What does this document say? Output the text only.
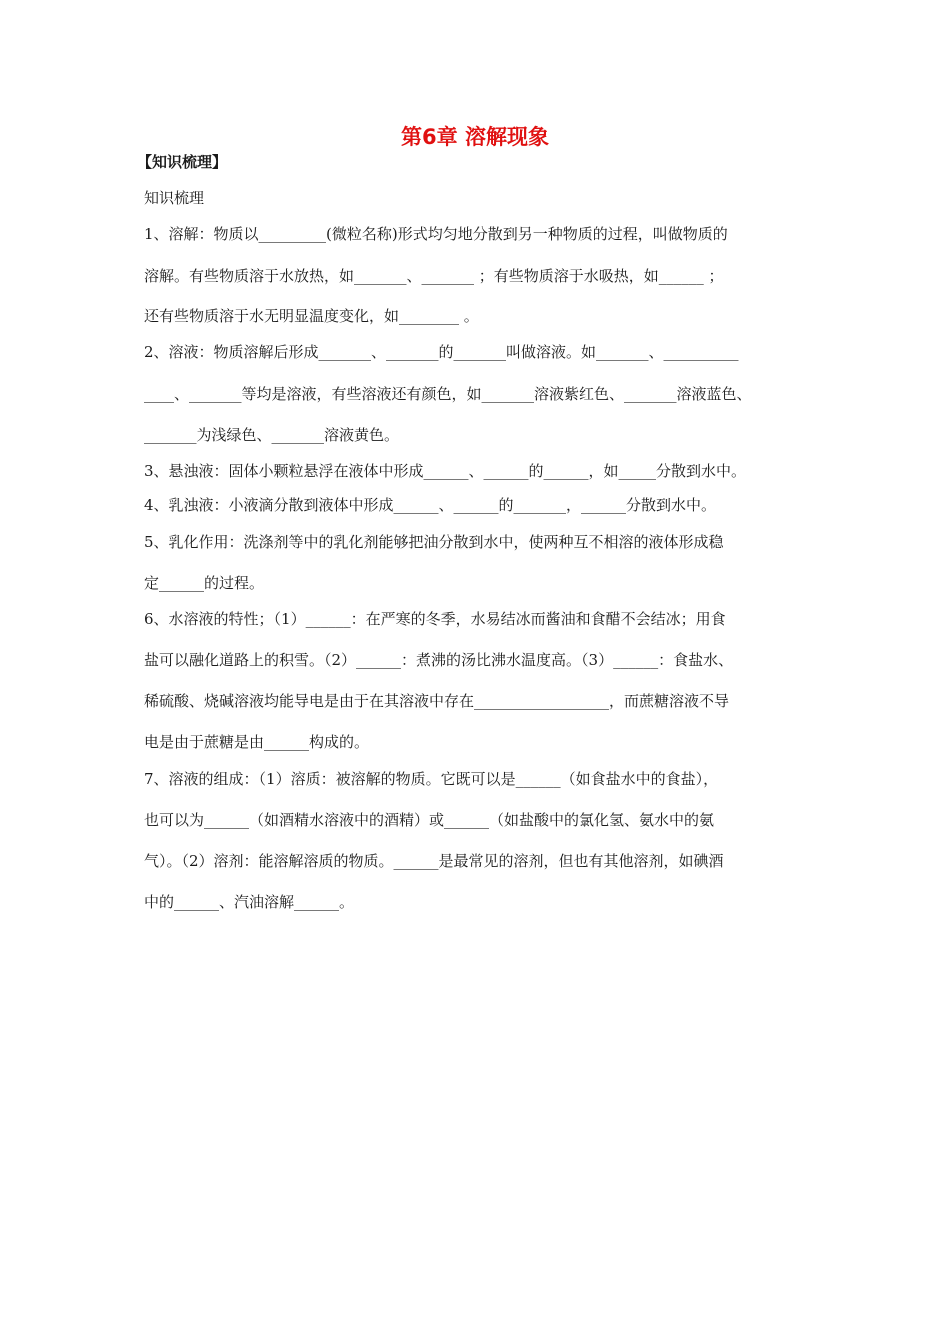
第6章 溶解现象
【知识梳理】
知识梳理
1、溶解：物质以_________(微粒名称)形式均匀地分散到另一种物质的过程，叫做物质的
溶解。有些物质溶于水放热，如_______、_______ ；有些物质溶于水吸热，如______ ；
还有些物质溶于水无明显温度变化，如________ 。
2、溶液：物质溶解后形成_______、_______的_______叫做溶液。如_______、__________
____、_______等均是溶液，有些溶液还有颜色，如_______溶液紫红色、_______溶液蓝色、
_______为浅绿色、_______溶液黄色。
3、悬浊液：固体小颗粒悬浮在液体中形成______、______的______，如_____分散到水中。
4、乳浊液：小液滴分散到液体中形成______、______的_______，______分散到水中。
5、乳化作用：洗涤剂等中的乳化剂能够把油分散到水中，使两种互不相溶的液体形成稳
定______的过程。
6、水溶液的特性；（1）______：在严寒的冬季，水易结冰而酱油和食醋不会结冰；用食
盐可以融化道路上的积雪。（2）______：煮沸的汤比沸水温度高。（3）______：食盐水、
稀硫酸、烧碱溶液均能导电是由于在其溶液中存在__________________，而蔗糖溶液不导
电是由于蔗糖是由______构成的。
7、溶液的组成：（1）溶质：被溶解的物质。它既可以是______（如食盐水中的食盐），
也可以为______（如酒精水溶液中的酒精）或______（如盐酸中的氯化氢、氨水中的氨
气）。（2）溶剂：能溶解溶质的物质。______是最常见的溶剂，但也有其他溶剂，如碘酒
中的______、汽油溶解______。
